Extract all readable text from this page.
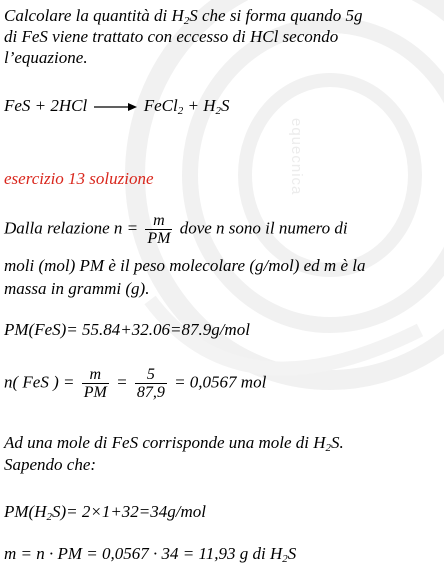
equecnica
Calcolare la quantità di $H_2S$ che si forma quando 5g
di FeS viene trattato con eccesso di HCl secondo
l’equazione.
FeS + 2HCl → FeCl$_2$ + $H_2S$
esercizio 13 soluzione
Dalla relazione $n = \frac{m}{PM}$ dove n sono il numero di
moli (mol) PM è il peso molecolare (g/mol) ed m è la
massa in grammi (g).
PM(FeS)= 55.84+32.06=87.9g/mol
n( FeS ) = $\frac{m}{PM} = \frac{5}{87,9} = 0,0567$ mol
Ad una mole di FeS corrisponde una mole di $H_2S$.
Sapendo che:
$PM(H_2S)= 2\times 1+32=34g/mol$
m = n · PM = 0,0567 · 34 = 11,93 g di $H_2S$
